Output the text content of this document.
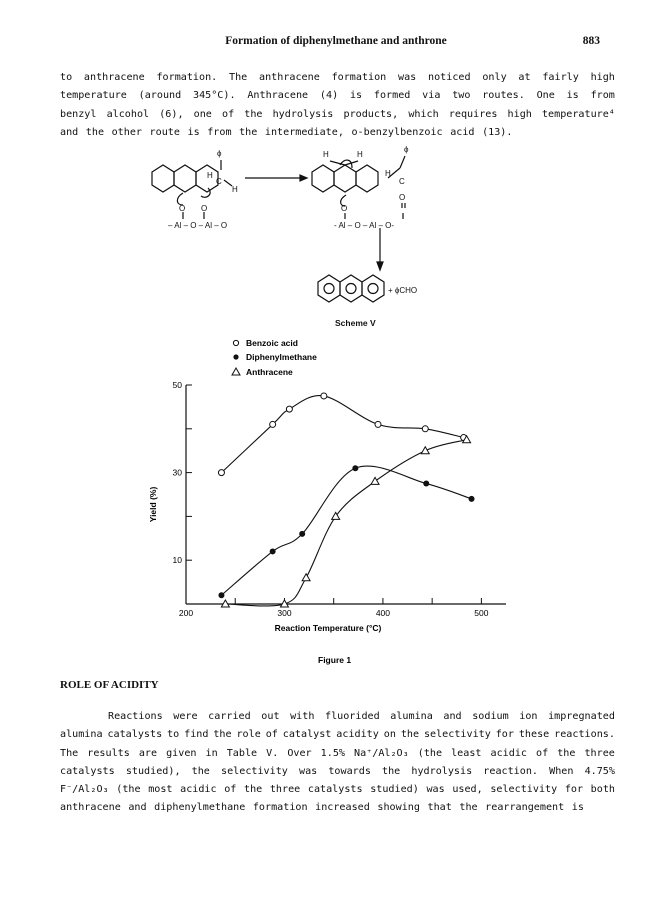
Formation of diphenylmethane and anthrone	883
to anthracene formation. The anthracene formation was noticed only at fairly high
temperature (around 345°C). Anthracene (4) is formed via two routes. One is from
benzyl alcohol (6), one of the hydrolysis products, which requires high temperature⁴
and the other route is from the intermediate, o-benzylbenzoic acid (13).
ϕ
C
H
H
O O
– Al – O – Al – O
H	H
H
ϕ
C
O
O
- Al – O – Al – O-
+ ϕCHO
Scheme V
Benzoic acid
Diphenylmethane
Anthracene
200	300	400	500
10
30
50
Reaction Temperature (°C)
Yield (%)
Figure 1
ROLE OF ACIDITY
Reactions were carried out with fluorided alumina and sodium ion impregnated
alumina catalysts to find the role of catalyst acidity on the selectivity for these reactions.
The results are given in Table V. Over 1.5% Na⁺/Al₂O₃ (the least acidic of the three
catalysts studied), the selectivity was towards the hydrolysis reaction. When 4.75%
F⁻/Al₂O₃ (the most acidic of the three catalysts studied) was used, selectivity for both
anthracene and diphenylmethane formation increased showing that the rearrangement is
